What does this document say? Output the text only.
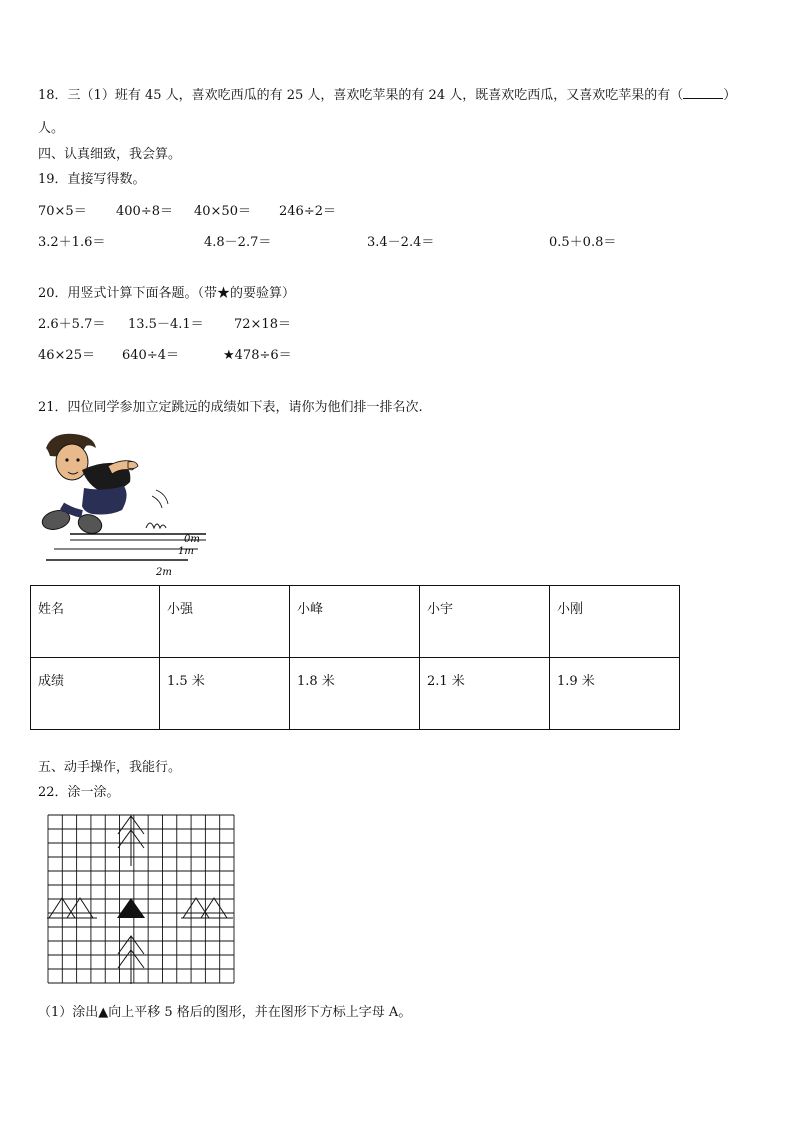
18．三（1）班有 45 人，喜欢吃西瓜的有 25 人，喜欢吃苹果的有 24 人，既喜欢吃西瓜，又喜欢吃苹果的有（	）
人。
四、认真细致，我会算。
19．直接写得数。
70×5＝ 400÷8＝ 40×50＝ 246÷2＝
3.2＋1.6＝	4.8－2.7＝	3.4－2.4＝	0.5＋0.8＝
20．用竖式计算下面各题。（带★的要验算）
2.6＋5.7＝ 13.5－4.1＝ 72×18＝
46×25＝ 640÷4＝	★478÷6＝
21．四位同学参加立定跳远的成绩如下表，请你为他们排一排名次.
0m
1m
2m
姓名	小强	小峰	小宇	小刚
成绩	1.5 米	1.8 米	2.1 米	1.9 米
五、动手操作，我能行。
22．涂一涂。
（1）涂出▲向上平移 5 格后的图形，并在图形下方标上字母 A。
